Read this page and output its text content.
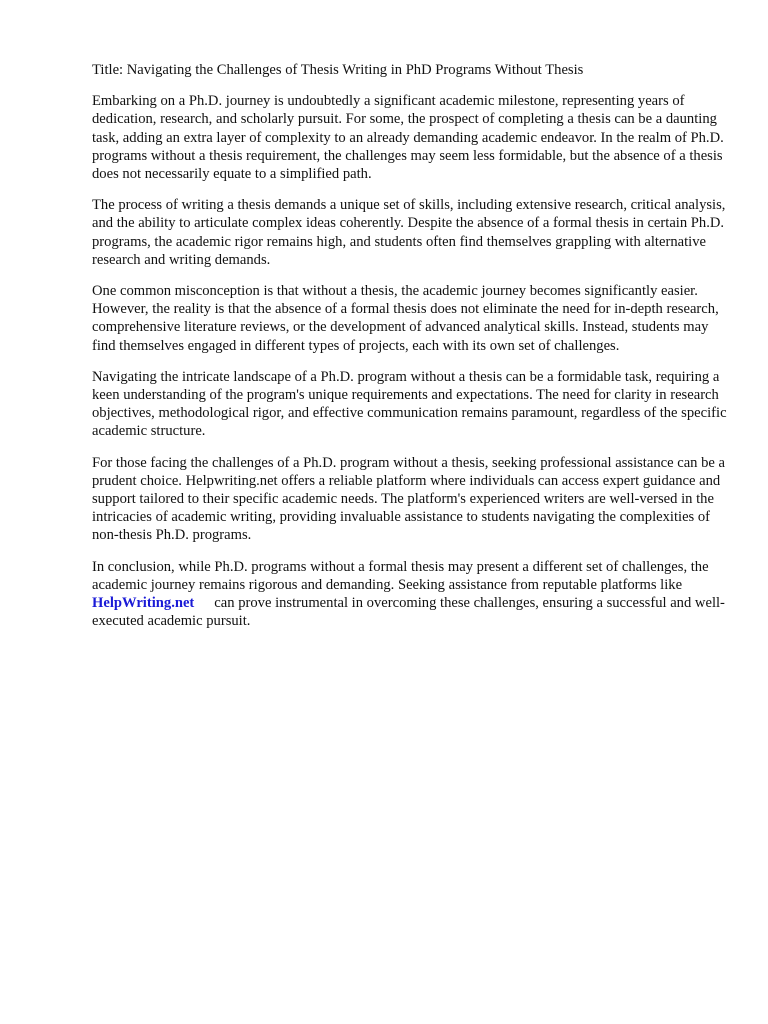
Title: Navigating the Challenges of Thesis Writing in PhD Programs Without Thesis

Embarking on a Ph.D. journey is undoubtedly a significant academic milestone, representing years of dedication, research, and scholarly pursuit. For some, the prospect of completing a thesis can be a daunting task, adding an extra layer of complexity to an already demanding academic endeavor. In the realm of Ph.D. programs without a thesis requirement, the challenges may seem less formidable, but the absence of a thesis does not necessarily equate to a simplified path.

The process of writing a thesis demands a unique set of skills, including extensive research, critical analysis, and the ability to articulate complex ideas coherently. Despite the absence of a formal thesis in certain Ph.D. programs, the academic rigor remains high, and students often find themselves grappling with alternative research and writing demands.

One common misconception is that without a thesis, the academic journey becomes significantly easier. However, the reality is that the absence of a formal thesis does not eliminate the need for in-depth research, comprehensive literature reviews, or the development of advanced analytical skills. Instead, students may find themselves engaged in different types of projects, each with its own set of challenges.

Navigating the intricate landscape of a Ph.D. program without a thesis can be a formidable task, requiring a keen understanding of the program's unique requirements and expectations. The need for clarity in research objectives, methodological rigor, and effective communication remains paramount, regardless of the specific academic structure.

For those facing the challenges of a Ph.D. program without a thesis, seeking professional assistance can be a prudent choice. Helpwriting.net offers a reliable platform where individuals can access expert guidance and support tailored to their specific academic needs. The platform's experienced writers are well-versed in the intricacies of academic writing, providing invaluable assistance to students navigating the complexities of non-thesis Ph.D. programs.

In conclusion, while Ph.D. programs without a formal thesis may present a different set of challenges, the academic journey remains rigorous and demanding. Seeking assistance from reputable platforms likeHelpWriting.net can prove instrumental in overcoming these challenges, ensuring a successful and well-executed academic pursuit.
